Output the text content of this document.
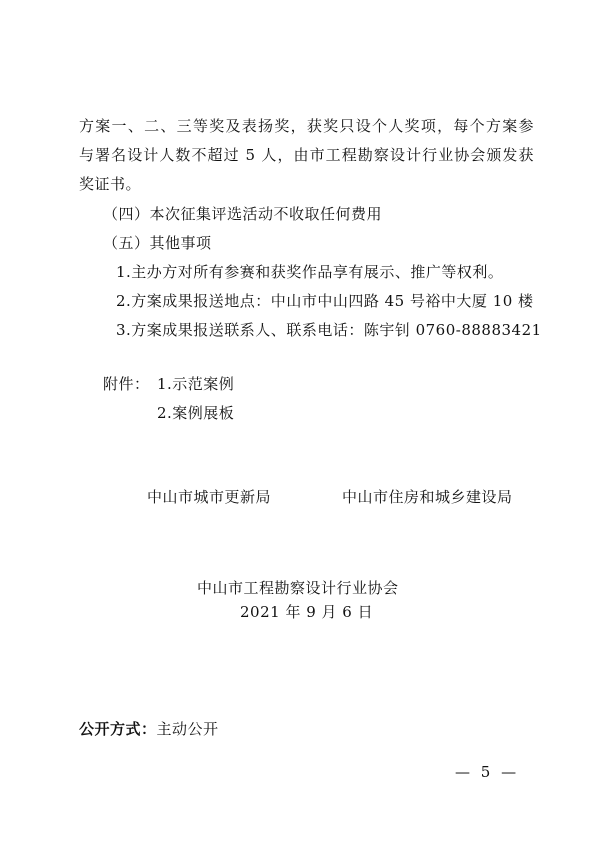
方案一、二、三等奖及表扬奖，获奖只设个人奖项，每个方案参
与署名设计人数不超过 5 人，由市工程勘察设计行业协会颁发获
奖证书。
（四）本次征集评选活动不收取任何费用
（五）其他事项
1.主办方对所有参赛和获奖作品享有展示、推广等权利。
2.方案成果报送地点：中山市中山四路 45 号裕中大厦 10 楼
3.方案成果报送联系人、联系电话：陈宇钊 0760-88883421
附件： 1.示范案例
2.案例展板
中山市城市更新局	中山市住房和城乡建设局
中山市工程勘察设计行业协会
2021 年 9 月 6 日
公开方式：主动公开
— 5 —
